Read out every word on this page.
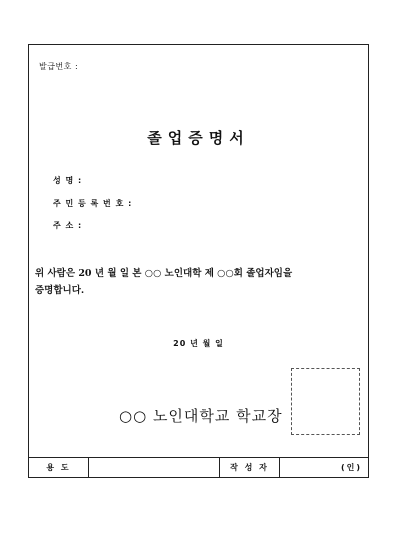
발급번호 :
졸업증명서
성 명 :
주 민 등 록 번 호 :
주 소 :
위 사람은 20 년 월 일 본 ○○ 노인대학 제 ○○회 졸업자임을
증명합니다.
20 년 월 일
○○ 노인대학교 학교장
용 도	작 성 자	(인)
